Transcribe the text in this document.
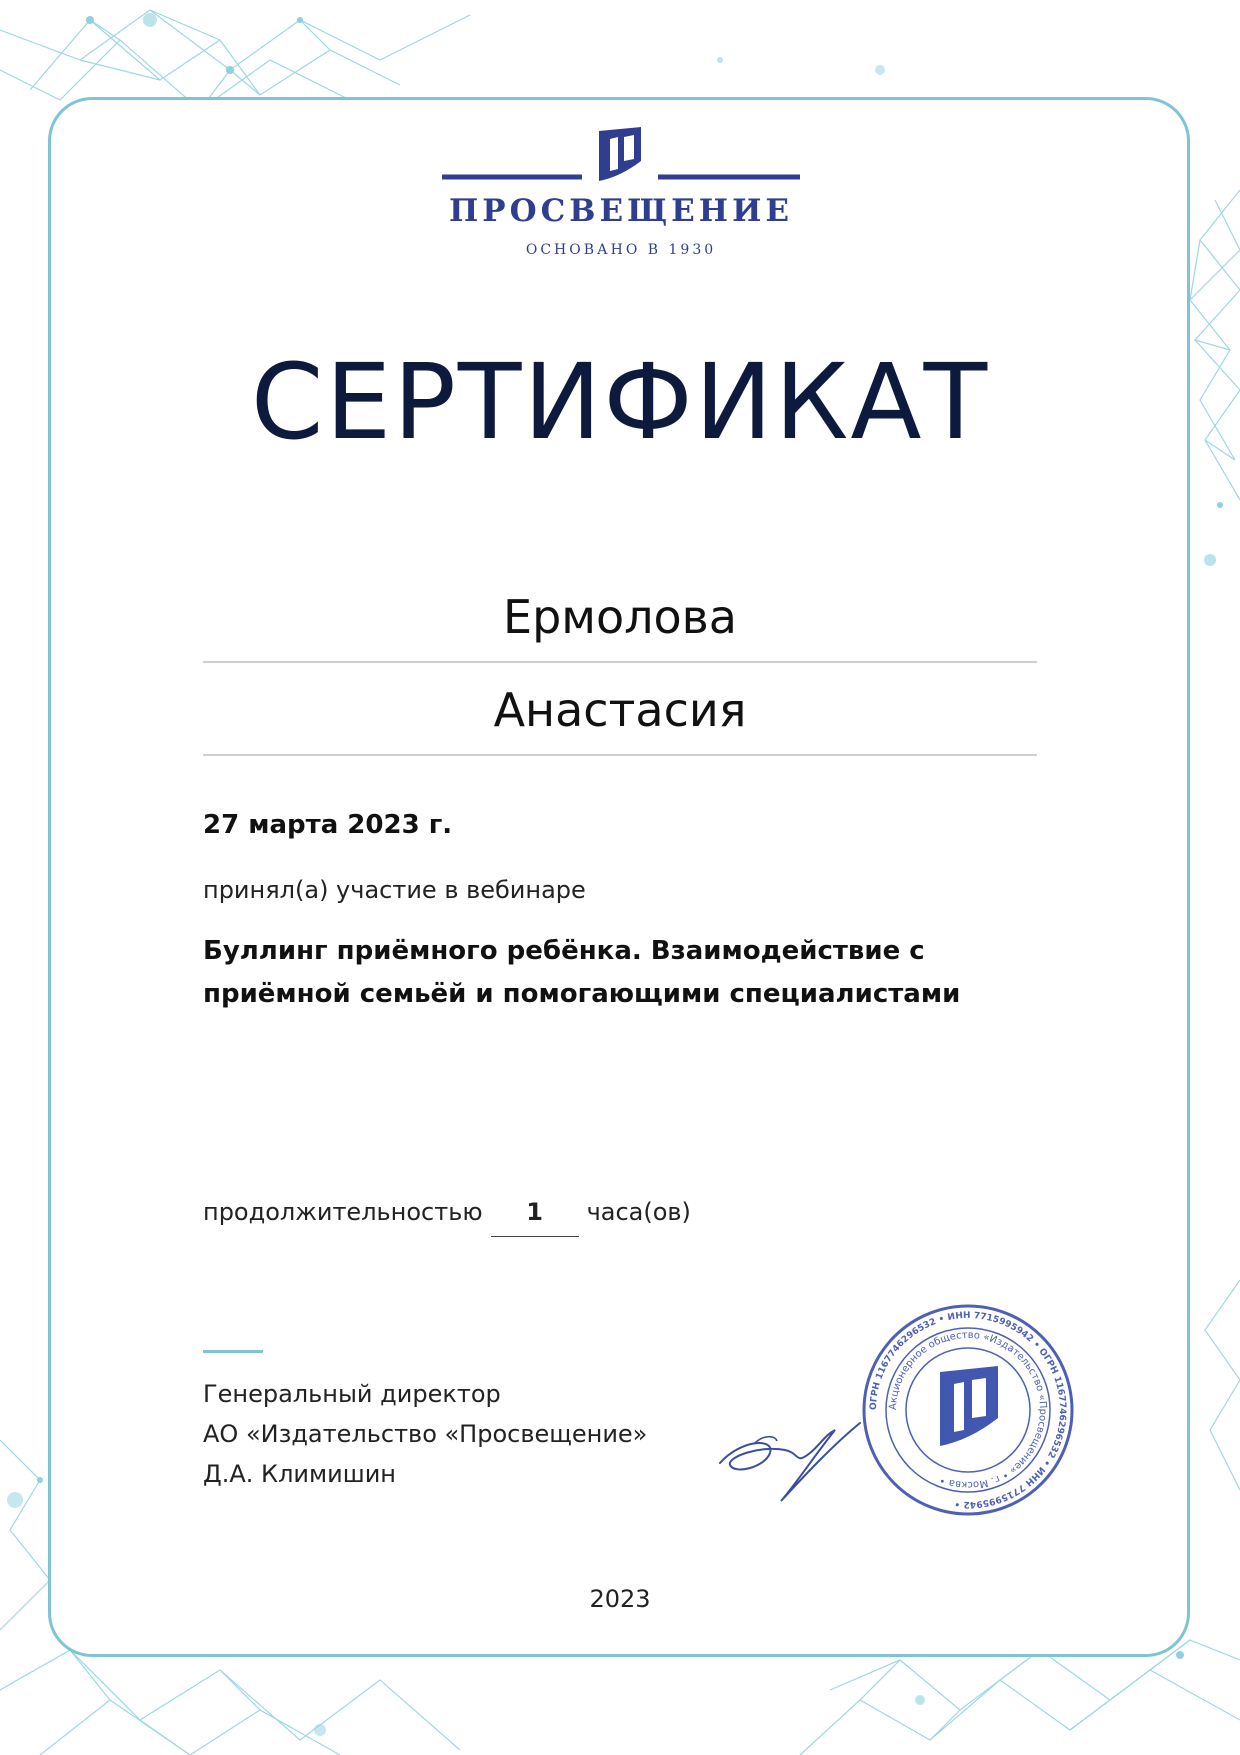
ПРОСВЕЩЕНИЕ
ОСНОВАНО В 1930
СЕРТИФИКАТ
Ермолова
Анастасия
27 марта 2023 г.
принял(а) участие в вебинаре
Буллинг приёмного ребёнка. Взаимодействие с приёмной семьёй и помогающими специалистами
продолжительностью	1	часа(ов)
Генеральный директор
АО «Издательство «Просвещение»
Д.А. Климишин
ОГРН 1167746296532 • ИНН 7715995942 • ОГРН 1167746296532 • ИНН 7715995942 •
Акционерное общество «Издательство «Просвещение» • г. Москва •
2023
